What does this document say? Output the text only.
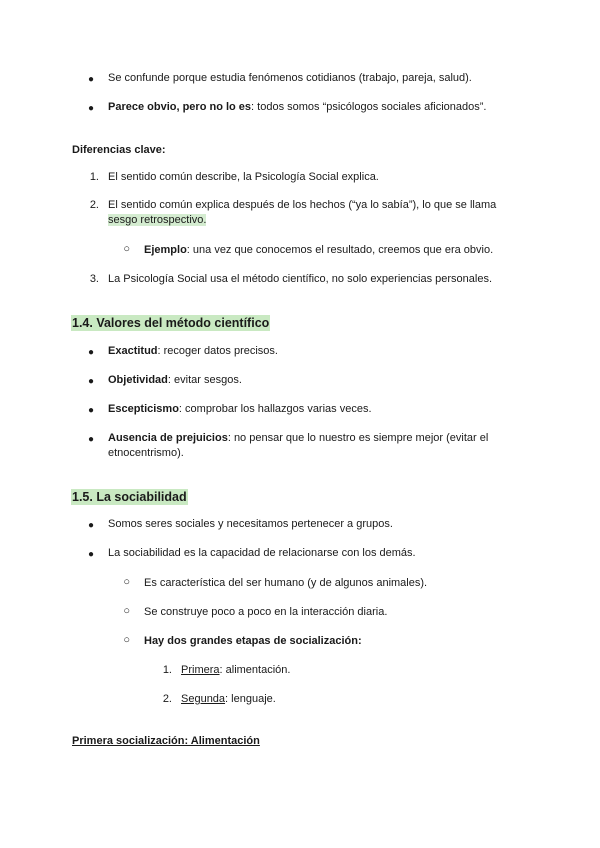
● Se confunde porque estudia fenómenos cotidianos (trabajo, pareja, salud).
● Parece obvio, pero no lo es: todos somos “psicólogos sociales aficionados”.
Diferencias clave:
1. El sentido común describe, la Psicología Social explica.
2. El sentido común explica después de los hechos (“ya lo sabía”), lo que se llama
sesgo retrospectivo.
○ Ejemplo: una vez que conocemos el resultado, creemos que era obvio.
3. La Psicología Social usa el método científico, no solo experiencias personales.
1.4. Valores del método científico
● Exactitud: recoger datos precisos.
● Objetividad: evitar sesgos.
● Escepticismo: comprobar los hallazgos varias veces.
● Ausencia de prejuicios: no pensar que lo nuestro es siempre mejor (evitar el
etnocentrismo).
1.5. La sociabilidad
● Somos seres sociales y necesitamos pertenecer a grupos.
● La sociabilidad es la capacidad de relacionarse con los demás.
○ Es característica del ser humano (y de algunos animales).
○ Se construye poco a poco en la interacción diaria.
○ Hay dos grandes etapas de socialización:
1. Primera: alimentación.
2. Segunda: lenguaje.
Primera socialización: Alimentación
